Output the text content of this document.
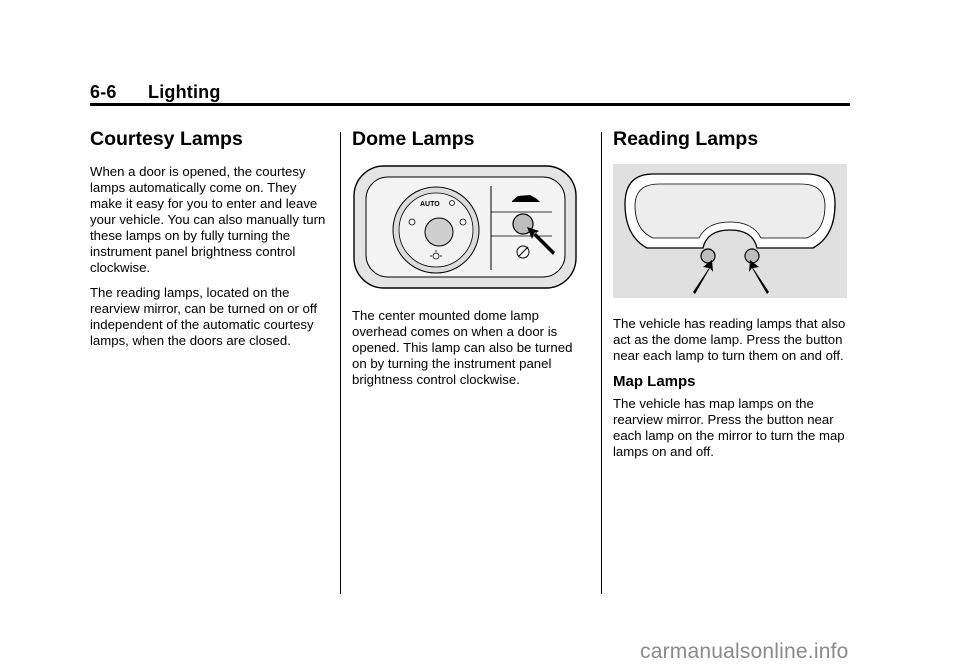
6-6 Lighting
Courtesy Lamps

When a door is opened, the courtesy lamps automatically come on. They make it easy for you to enter and leave your vehicle. You can also manually turn these lamps on by fully turning the instrument panel brightness control clockwise.

The reading lamps, located on the rearview mirror, can be turned on or off independent of the automatic courtesy lamps, when the doors are closed.

Dome Lamps
AUTO

The center mounted dome lamp overhead comes on when a door is opened. This lamp can also be turned on by turning the instrument panel brightness control clockwise.

Reading Lamps

The vehicle has reading lamps that also act as the dome lamp. Press the button near each lamp to turn them on and off.

Map Lamps

The vehicle has map lamps on the rearview mirror. Press the button near each lamp on the mirror to turn the map lamps on and off.

carmanualsonline.info
